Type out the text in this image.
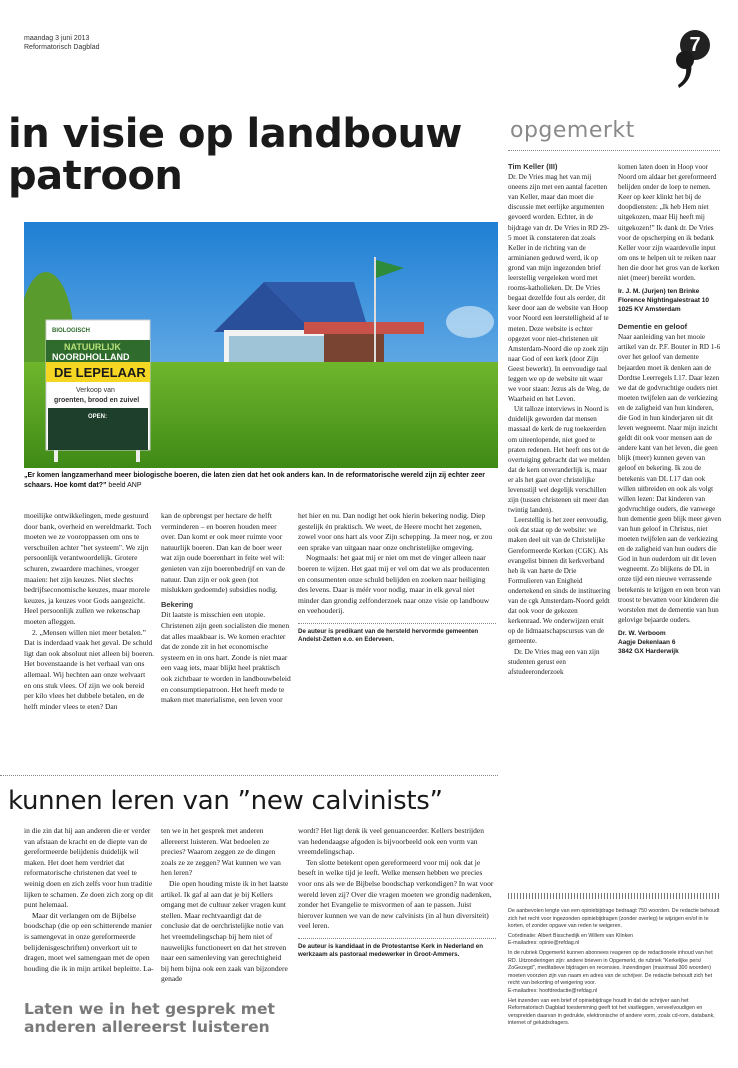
maandag 3 juni 2013
Reformatorisch Dagblad	7
in visie op landbouw
patroon
BIOLOGISCH
NATUURLIJK
NOORDHOLLAND
DE LEPELAAR
Verkoop van
groenten, brood en zuivel
OPEN:
„Er komen langzamerhand meer biologische boeren, die laten zien dat het ook anders kan. In de reformatorische wereld zijn zij echter zeer schaars. Hoe komt dat?” beeld ANP

moeilijke ontwikkelingen, mede gestuurd door bank, overheid en wereldmarkt. Toch moeten we ze vooroppassen om ons te verschuilen achter "het systeem". We zijn persoonlijk verantwoordelijk. Grotere schuren, zwaardere machines, vroeger maaien: het zijn keuzes. Niet slechts bedrijfseconomische keuzes, maar morele keuzes, ja keuzes voor Gods aangezicht. Heel persoonlijk zullen we rekenschap moeten afleggen.

2. „Mensen willen niet meer betalen.” Dat is inderdaad vaak het geval. De schuld ligt dan ook absoluut niet alleen bij boeren. Het bovenstaande is het verhaal van ons allemaal. Wij hechten aan onze welvaart en ons stuk vlees. Of zijn we ook bereid per kilo vlees het dubbele betalen, en de helft minder vlees te eten? Dan

kan de opbrengst per hectare de helft verminderen – en boeren houden meer over. Dan komt er ook meer ruimte voor natuurlijk boeren. Dan kan de boer weer wat zijn oude boerenhart in feite wel wil: genieten van zijn boerenbedrijf en van de natuur. Dan zijn er ook geen (tot mislukken gedoemde) subsidies nodig.

Bekering

Dit laatste is misschien een utopie. Christenen zijn geen socialisten die menen dat alles maakbaar is. We komen erachter dat de zonde zit in het economische systeem en in ons hart. Zonde is niet maar een vaag iets, maar blijkt heel praktisch ook zichtbaar te worden in landbouwbeleid en consumptiepatroon. Het heeft mede te maken met materialisme, een leven voor

het hier en nu. Dan nodigt het ook hierin bekering nodig. Diep gestelijk én praktisch. We weet, de Heere mocht het zegenen, zowel voor ons hart als voor Zijn schepping. Ja meer nog, er zou een sprake van uitgaan naar onze onchristelijke omgeving.

Nogmaals: het gaat mij er niet om met de vinger alleen naar boeren te wijzen. Het gaat mij er vel om dat we als producenten en consumenten onze schuld belijden en zoeken naar heiliging des levens. Daar is méér voor nodig, maar in elk geval niet minder dan grondig zelfonderzoek naar onze visie op landbouw en veehouderij.

De auteur is predikant van de hersteld hervormde gemeenten Andelst-Zetten e.o. en Ederveen.

kunnen leren van ”new calvinists”

in die zin dat hij aan anderen die er verder van afstaan de kracht en de diepte van de gereformeerde belijdenis duidelijk wil maken. Het doet hem verdriet dat reformatorische christenen dat veel te weinig doen en zich zelfs voor hun traditie lijken te schamen. Ze doen zich zorg op dit punt helemaal.

Maar dit verlangen om de Bijbelse boodschap (die op een schitterende manier is samengevat in onze gereformeerde belijdenisgeschriften) onverkort uit te dragen, moet wel samengaan met de open houding die ik in mijn artikel bepleitte. La-

ten we in het gesprek met anderen allereerst luisteren. Wat bedoelen ze precies? Waarom zeggen ze de dingen zoals ze ze zeggen? Wat kunnen we van hen leren?

Die open houding miste ik in het laatste artikel. Ik gaf al aan dat je bij Kellers omgang met de cultuur zeker vragen kunt stellen. Maar rechtvaardigt dat de conclusie dat de oerchristelijke notie van het vreemdelingschap bij hem niet of nauwelijks functioneert en dat het streven naar een samenleving van gerechtigheid bij hem bijna ook een zaak van bijzondere genade

wordt? Het ligt denk ik veel genuanceerder. Kellers bestrijden van hedendaagse afgoden is bijvoorbeeld ook een vorm van vreemdelingschap.

Ten slotte betekent open gereformeerd voor mij ook dat je beseft in welke tijd je leeft. Welke mensen hebben we precies voor ons als we de Bijbelse boodschap verkondigen? In wat voor wereld leven zij? Over die vragen moeten we grondig nadenken, zonder het Evangelie te misvormen of aan te passen. Juist hierover kunnen we van de new calvinists (in al hun diversiteit) veel leren.

De auteur is kandidaat in de Protestantse Kerk in Nederland en werkzaam als pastoraal medewerker in Groot-Ammers.

Laten we in het gesprek met anderen allereerst luisteren
opgemerkt

Tim Keller (III)

Dr. De Vries mag het van mij oneens zijn met een aantal facetten van Keller, maar dan moet die discussie met eerlijke argumenten gevoerd worden. Echter, in de bijdrage van dr. De Vries in RD 29-5 moet ik constateren dat zoals Keller in de richting van de arminianen geduwd werd, ik op grond van mijn ingezonden brief leerstellig vergeleken word met rooms-katholieken. Dr. De Vries begaat dezelfde fout als eerder, dit keer door aan de website van Hoop voor Noord een leerstelligheid af te meten. Deze website is echter opgezet voor niet-christenen uit Amsterdam-Noord die op zoek zijn naar God of een kerk (door Zijn Geest bewerkt). In eenvoudige taal leggen we op de website uit waar we voor staan: Jezus als de Weg, de Waarheid en het Leven.

Uit talloze interviews in Noord is duidelijk geworden dat mensen massaal de kerk de rug toekeerden om uiteenlopende, niet goed te praten redenen. Het heeft ons tot de overtuiging gebracht dat we melden dat de kern onveranderlijk is, maar er als het gaat over christelijke levensstijl wel degelijk verschillen zijn (tussen christenen uit meer dan twintig landen).

Leerstellig is het zeer eenvoudig, ook dat staat op de website: we maken deel uit van de Christelijke Gereformeerde Kerken (CGK). Als evangelist binnen dit kerkverband heb ik van harte de Drie Formulieren van Enigheid ondertekend en sinds de instituering van de cgk Amsterdam-Noord geldt dat ook voor de gekozen kerkenraad. We onderwijzen eruit op de lidmaatschapscursus van de gemeente.

Dr. De Vries mag een van zijn studenten gerust een afstudeeronderzoek

komen laten doen in Hoop voor Noord om aldaar het gereformeerd belijden onder de loep te nemen. Keer op keer klinkt het bij de doopdiensten: „Ik heb Hem niet uitgekozen, maar Hij heeft mij uitgekozen!” Ik dank dr. De Vries voor de opscherping en ik bedank Keller voor zijn waardevolle input om ons te helpen uit te reiken naar hen die door het gros van de kerken niet (meer) bereikt worden.

Ir. J. M. (Jurjen) ten Brinke
Florence Nightingalestraat 10
1025 KV Amsterdam

Dementie en geloof

Naar aanleiding van het mooie artikel van dr. P.F. Bouter in RD 1-6 over het geloof van demente bejaarden moet ik denken aan de Dordtse Leerregels I.17. Daar lezen we dat de godvruchtige ouders niet moeten twijfelen aan de verkiezing en de zaligheid van hun kinderen, die God in hun kinderjaren uit dit leven wegneemt. Naar mijn inzicht geldt dit ook voor mensen aan de andere kant van het leven, die geen blijk (meer) kunnen geven van geloof en bekering. Ik zou de betekenis van DL I.17 dan ook willen uitbreiden en ook als volgt willen lezen: Dat kinderen van godvruchtige ouders, die vanwege hun dementie geen blijk meer geven van hun geloof in Christus, niet moeten twijfelen aan de verkiezing en de zaligheid van hun ouders die God in hun ouderdom uit dit leven wegneemt. Zo blijkens de DL in onze tijd een nieuwe verrassende betekenis te krijgen en een bron van troost te bevatten voor kinderen die worstelen met de dementie van hun gelovige bejaarde ouders.

Dr. W. Verboom
Aagje Dekenlaan 6
3842 GX Harderwijk

De aanbevolen lengte van een opiniebijdrage bedraagt 750 woorden. De redactie behoudt zich het recht voor ingezonden opiniebijdragen (zonder overleg) te wijzigen en/of in te korten, of zonder opgave van reden te weigeren.

Coördinatie: Albert Bisschedijk en Willem van Klinken

E-mailadres: opinie@refdag.nl

In de rubriek Opgemerkt kunnen abonnees reageren op de redactionele inhoud van het RD. Uitzonderingen zijn: andere brieven in Opgemerkt, de rubriek "Kerkelijke pers/ ZoGezegd", meditatieve bijdragen en recensies. Inzendingen (maximaal 300 woorden) moeten voorzien zijn van naam en adres van de schrijver. De redactie behoudt zich het recht van bekorting of weigering voor.

E-mailadres: hoofdredactie@refdag.nl

Het inzenden van een brief of opiniebijdrage houdt in dat de schrijver aan het Reformatorisch Dagblad toestemming geeft tot het vastleggen, verveelvoudigen en verspreiden daarvan in gedrukte, elektronische of andere vorm, zoals cd-rom, databank, internet of geluidsdragers.
